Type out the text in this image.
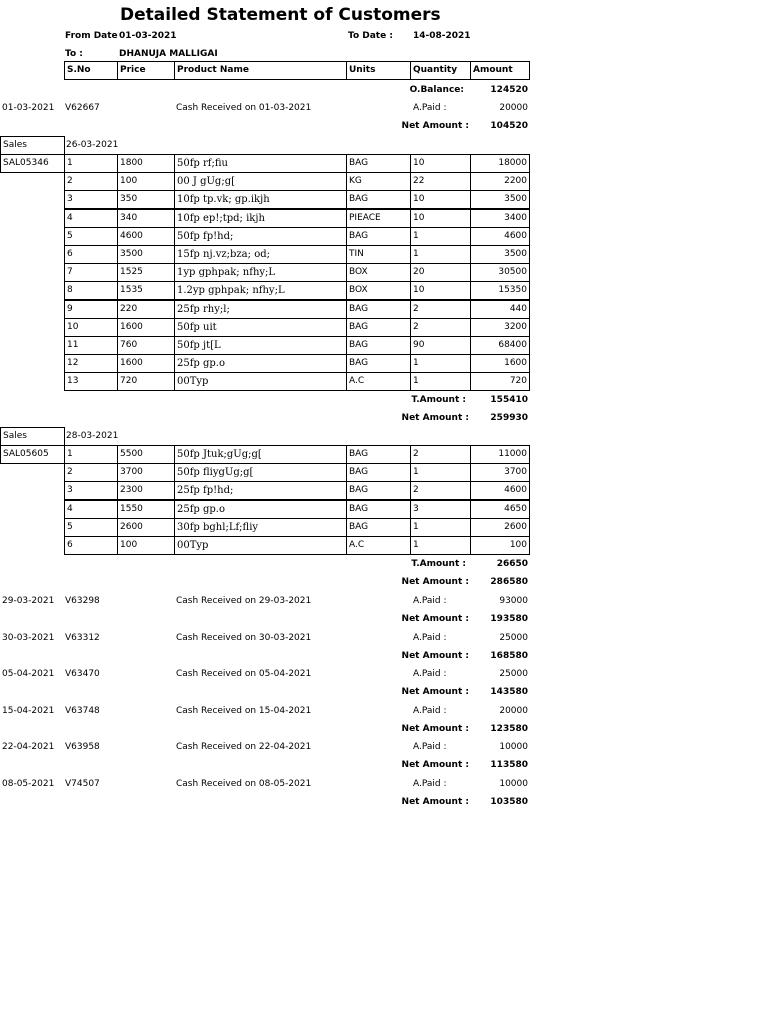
Detailed Statement of Customers
From Date 01-03-2021	To Date : 14-08-2021
To :	DHANUJA MALLIGAI
S.No	Price	Product Name	Units	Quantity	Amount
O.Balance:	124520
01-03-2021 V62667	Cash Received on 01-03-2021	A.Paid :	20000
Net Amount :	104520
Sales	26-03-2021
SAL05346	1	1800	50fp rf;fiu	BAG	10	18000
2	100	00 J gUg;g[	KG	22	2200
3	350	10fp tp.vk; gp.ikjh	BAG	10	3500
4	340	10fp ep!;tpd; ikjh	PIEACE	10	3400
5	4600	50fp fp!hd;	BAG	1	4600
6	3500	15fp nj.vz;bza; od;	TIN	1	3500
7	1525	1yp gphpak; nfhy;L	BOX	20	30500
8	1535	1.2yp gphpak; nfhy;L	BOX	10	15350
9	220	25fp rhy;l;	BAG	2	440
10	1600	50fp uit	BAG	2	3200
11	760	50fp jt[L	BAG	90	68400
12	1600	25fp gp.o	BAG	1	1600
13	720	00Typ	A.C	1	720
T.Amount :	155410
Net Amount :	259930
Sales	28-03-2021
SAL05605	1	5500	50fp Jtuk;gUg;g[	BAG	2	11000
2	3700	50fp fliygUg;g[	BAG	1	3700
3	2300	25fp fp!hd;	BAG	2	4600
4	1550	25fp gp.o	BAG	3	4650
5	2600	30fp bghl;Lf;fliy	BAG	1	2600
6	100	00Typ	A.C	1	100
T.Amount :	26650
Net Amount :	286580
29-03-2021 V63298	Cash Received on 29-03-2021	A.Paid :	93000
Net Amount :	193580
30-03-2021 V63312	Cash Received on 30-03-2021	A.Paid :	25000
Net Amount :	168580
05-04-2021 V63470	Cash Received on 05-04-2021	A.Paid :	25000
Net Amount :	143580
15-04-2021 V63748	Cash Received on 15-04-2021	A.Paid :	20000
Net Amount :	123580
22-04-2021 V63958	Cash Received on 22-04-2021	A.Paid :	10000
Net Amount :	113580
08-05-2021 V74507	Cash Received on 08-05-2021	A.Paid :	10000
Net Amount :	103580
